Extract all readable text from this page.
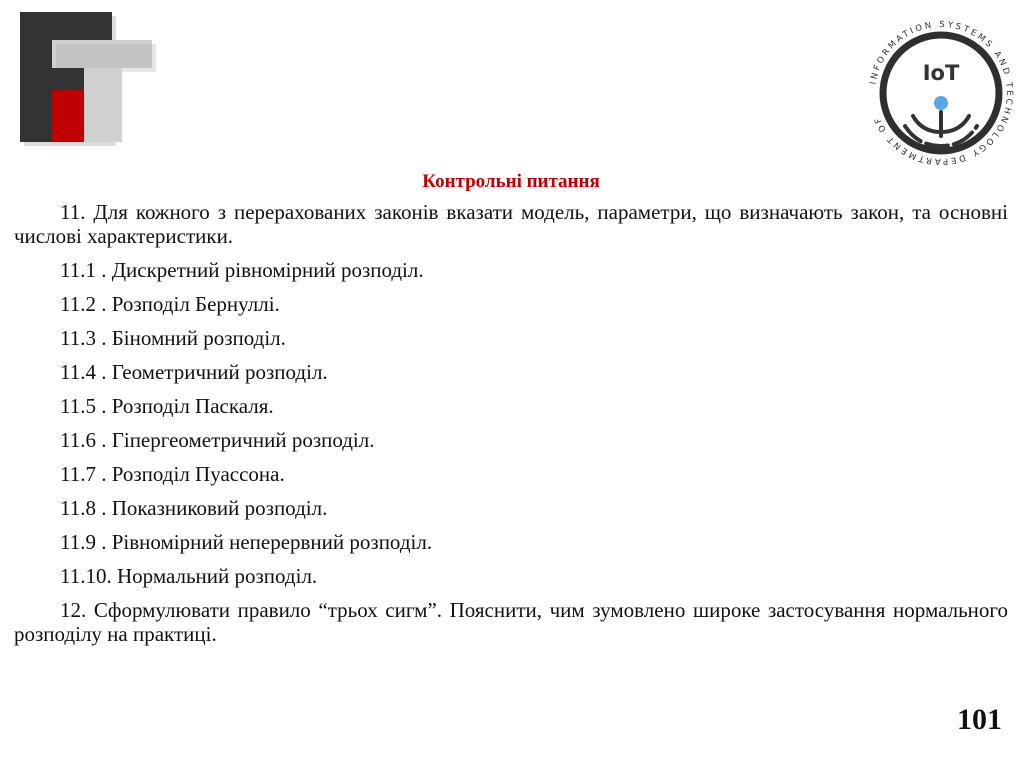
INFORMATION SYSTEMS AND TECHNOLOGY DEPARTMENT OF
IoT
Контрольні питання

11. Для кожного з перерахованих законів вказати модель, параметри, що визначають закон, та основні числові характеристики.

11.1 . Дискретний рівномірний розподіл.
11.2 . Розподіл Бернуллі.
11.3 . Біномний розподіл.
11.4 . Геометричний розподіл.
11.5 . Розподіл Паскаля.
11.6 . Гіпергеометричний розподіл.
11.7 . Розподіл Пуассона.
11.8 . Показниковий розподіл.
11.9 . Рівномірний неперервний розподіл.
11.10. Нормальний розподіл.

12. Сформулювати правило “трьох сигм”. Пояснити, чим зумовлено широке застосування нормального розподілу на практиці.

101
